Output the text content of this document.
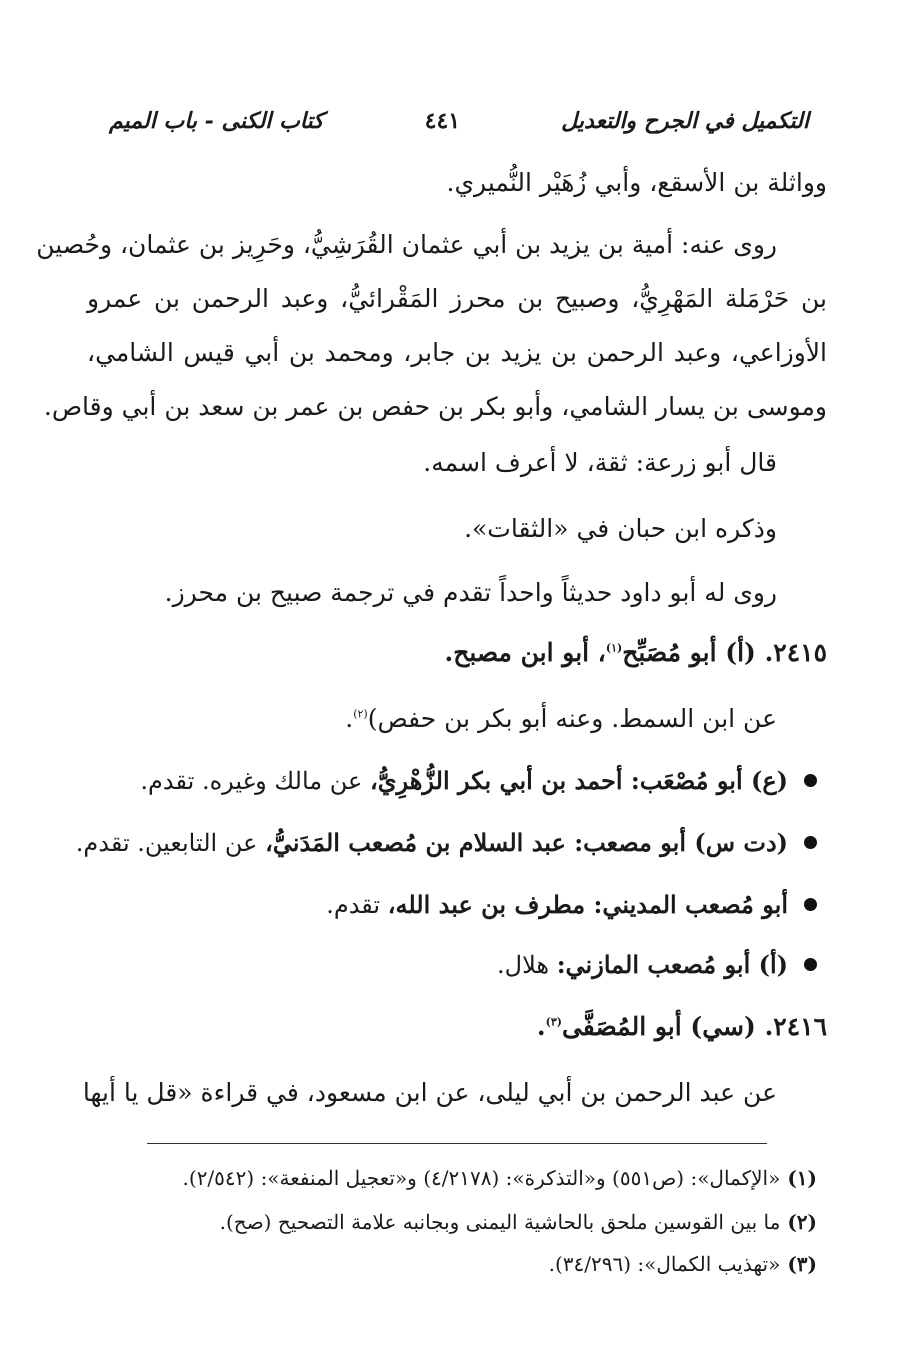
التكميل في الجرح والتعديل
٤٤١
كتاب الكنى - باب الميم
وواثلة بن الأسقع، وأبي زُهَيْر النُّميري.
روى عنه: أمية بن يزيد بن أبي عثمان القُرَشِيُّ، وحَرِيز بن عثمان، وحُصين
بن حَرْمَلة المَهْرِيُّ، وصبيح بن محرز المَقْرائيُّ، وعبد الرحمن بن عمرو
الأوزاعي، وعبد الرحمن بن يزيد بن جابر، ومحمد بن أبي قيس الشامي،
وموسى بن يسار الشامي، وأبو بكر بن حفص بن عمر بن سعد بن أبي وقاص.
قال أبو زرعة: ثقة، لا أعرف اسمه.
وذكره ابن حبان في «الثقات».
روى له أبو داود حديثاً واحداً تقدم في ترجمة صبيح بن محرز.
٢٤١٥. (أ) أبو مُصَبِّح$^{(١)}$، أبو ابن مصبح.
عن ابن السمط. وعنه أبو بكر بن حفص)$^{(٢)}$.
(ع) أبو مُصْعَب: أحمد بن أبي بكر الزُّهْرِيُّ، عن مالك وغيره. تقدم.
(دت س) أبو مصعب: عبد السلام بن مُصعب المَدَنيُّ، عن التابعين. تقدم.
أبو مُصعب المديني: مطرف بن عبد الله، تقدم.
(أ) أبو مُصعب المازني: هلال.
٢٤١٦. (سي) أبو المُصَفَّى$^{(٣)}$.
عن عبد الرحمن بن أبي ليلى، عن ابن مسعود، في قراءة «قل يا أيها
(١) «الإكمال»: (ص٥٥١) و«التذكرة»: (٤/٢١٧٨) و«تعجيل المنفعة»: (٢/٥٤٢).
(٢) ما بين القوسين ملحق بالحاشية اليمنى وبجانبه علامة التصحيح (صح).
(٣) «تهذيب الكمال»: (٣٤/٢٩٦).
